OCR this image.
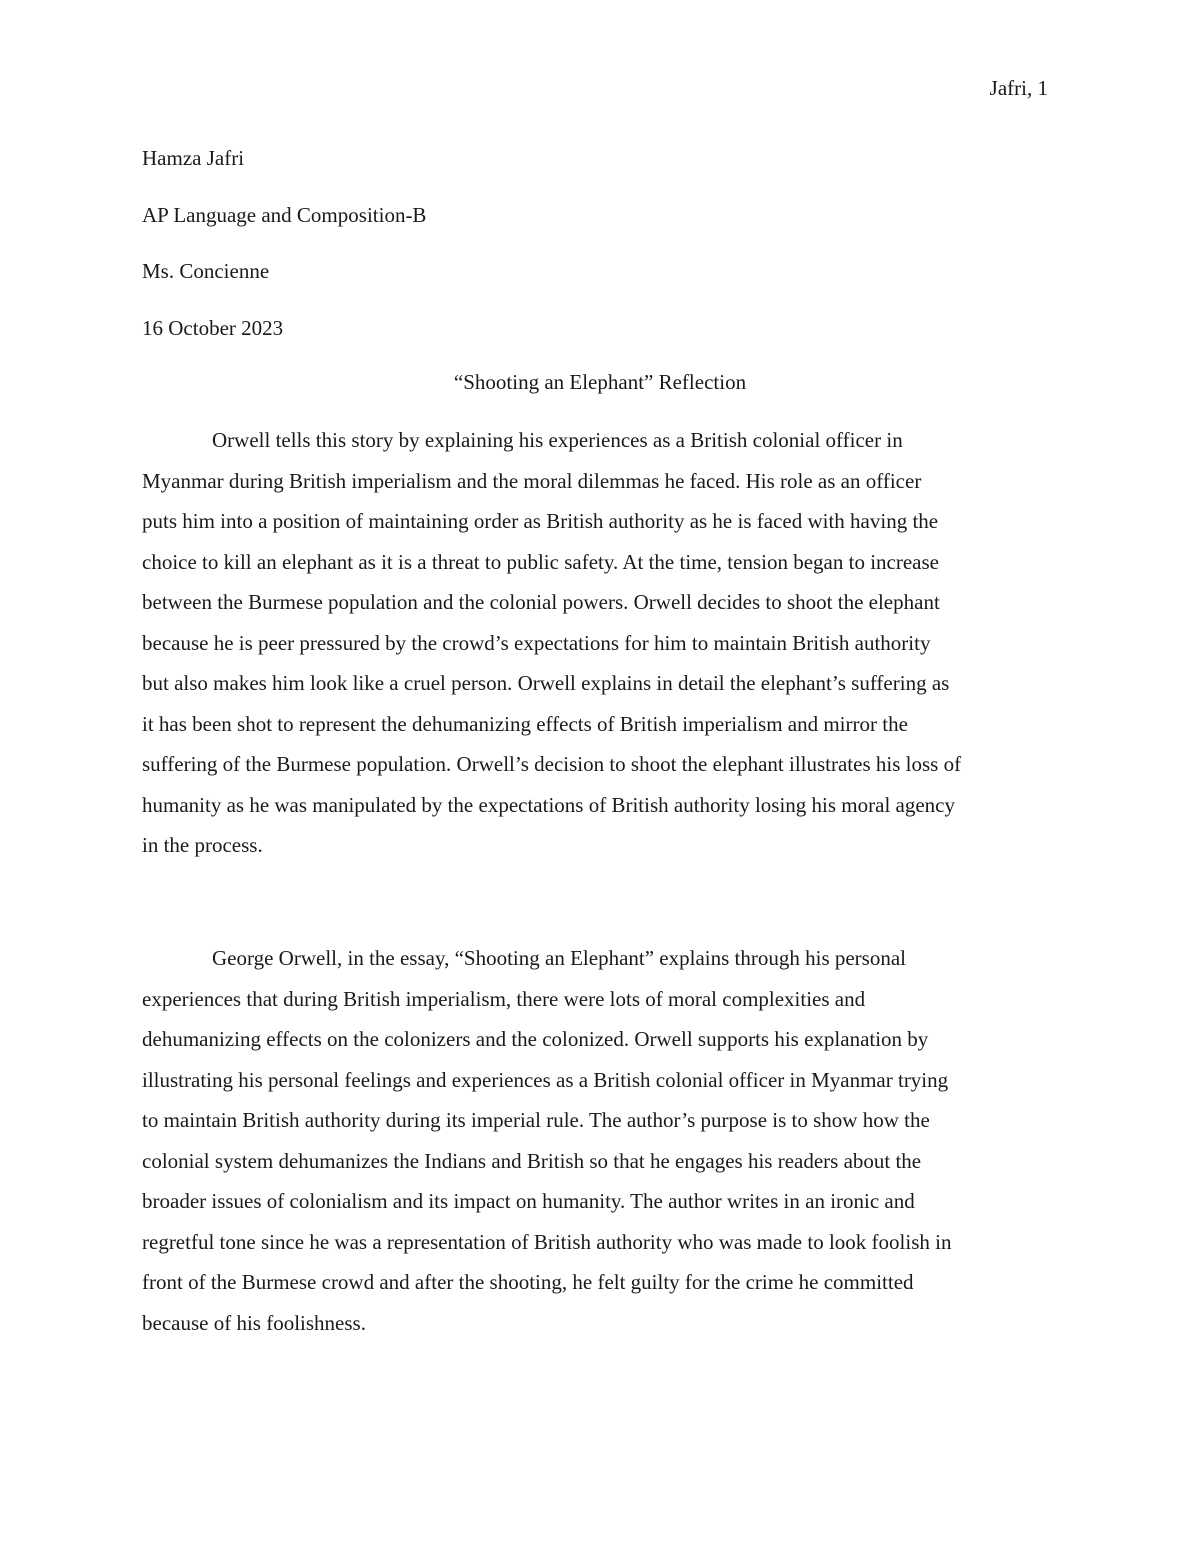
Jafri, 1
Hamza Jafri
AP Language and Composition-B
Ms. Concienne
16 October 2023
“Shooting an Elephant” Reflection
Orwell tells this story by explaining his experiences as a British colonial officer in
Myanmar during British imperialism and the moral dilemmas he faced. His role as an officer
puts him into a position of maintaining order as British authority as he is faced with having the
choice to kill an elephant as it is a threat to public safety. At the time, tension began to increase
between the Burmese population and the colonial powers. Orwell decides to shoot the elephant
because he is peer pressured by the crowd’s expectations for him to maintain British authority
but also makes him look like a cruel person. Orwell explains in detail the elephant’s suffering as
it has been shot to represent the dehumanizing effects of British imperialism and mirror the
suffering of the Burmese population. Orwell’s decision to shoot the elephant illustrates his loss of
humanity as he was manipulated by the expectations of British authority losing his moral agency
in the process.
George Orwell, in the essay, “Shooting an Elephant” explains through his personal
experiences that during British imperialism, there were lots of moral complexities and
dehumanizing effects on the colonizers and the colonized. Orwell supports his explanation by
illustrating his personal feelings and experiences as a British colonial officer in Myanmar trying
to maintain British authority during its imperial rule. The author’s purpose is to show how the
colonial system dehumanizes the Indians and British so that he engages his readers about the
broader issues of colonialism and its impact on humanity. The author writes in an ironic and
regretful tone since he was a representation of British authority who was made to look foolish in
front of the Burmese crowd and after the shooting, he felt guilty for the crime he committed
because of his foolishness.
